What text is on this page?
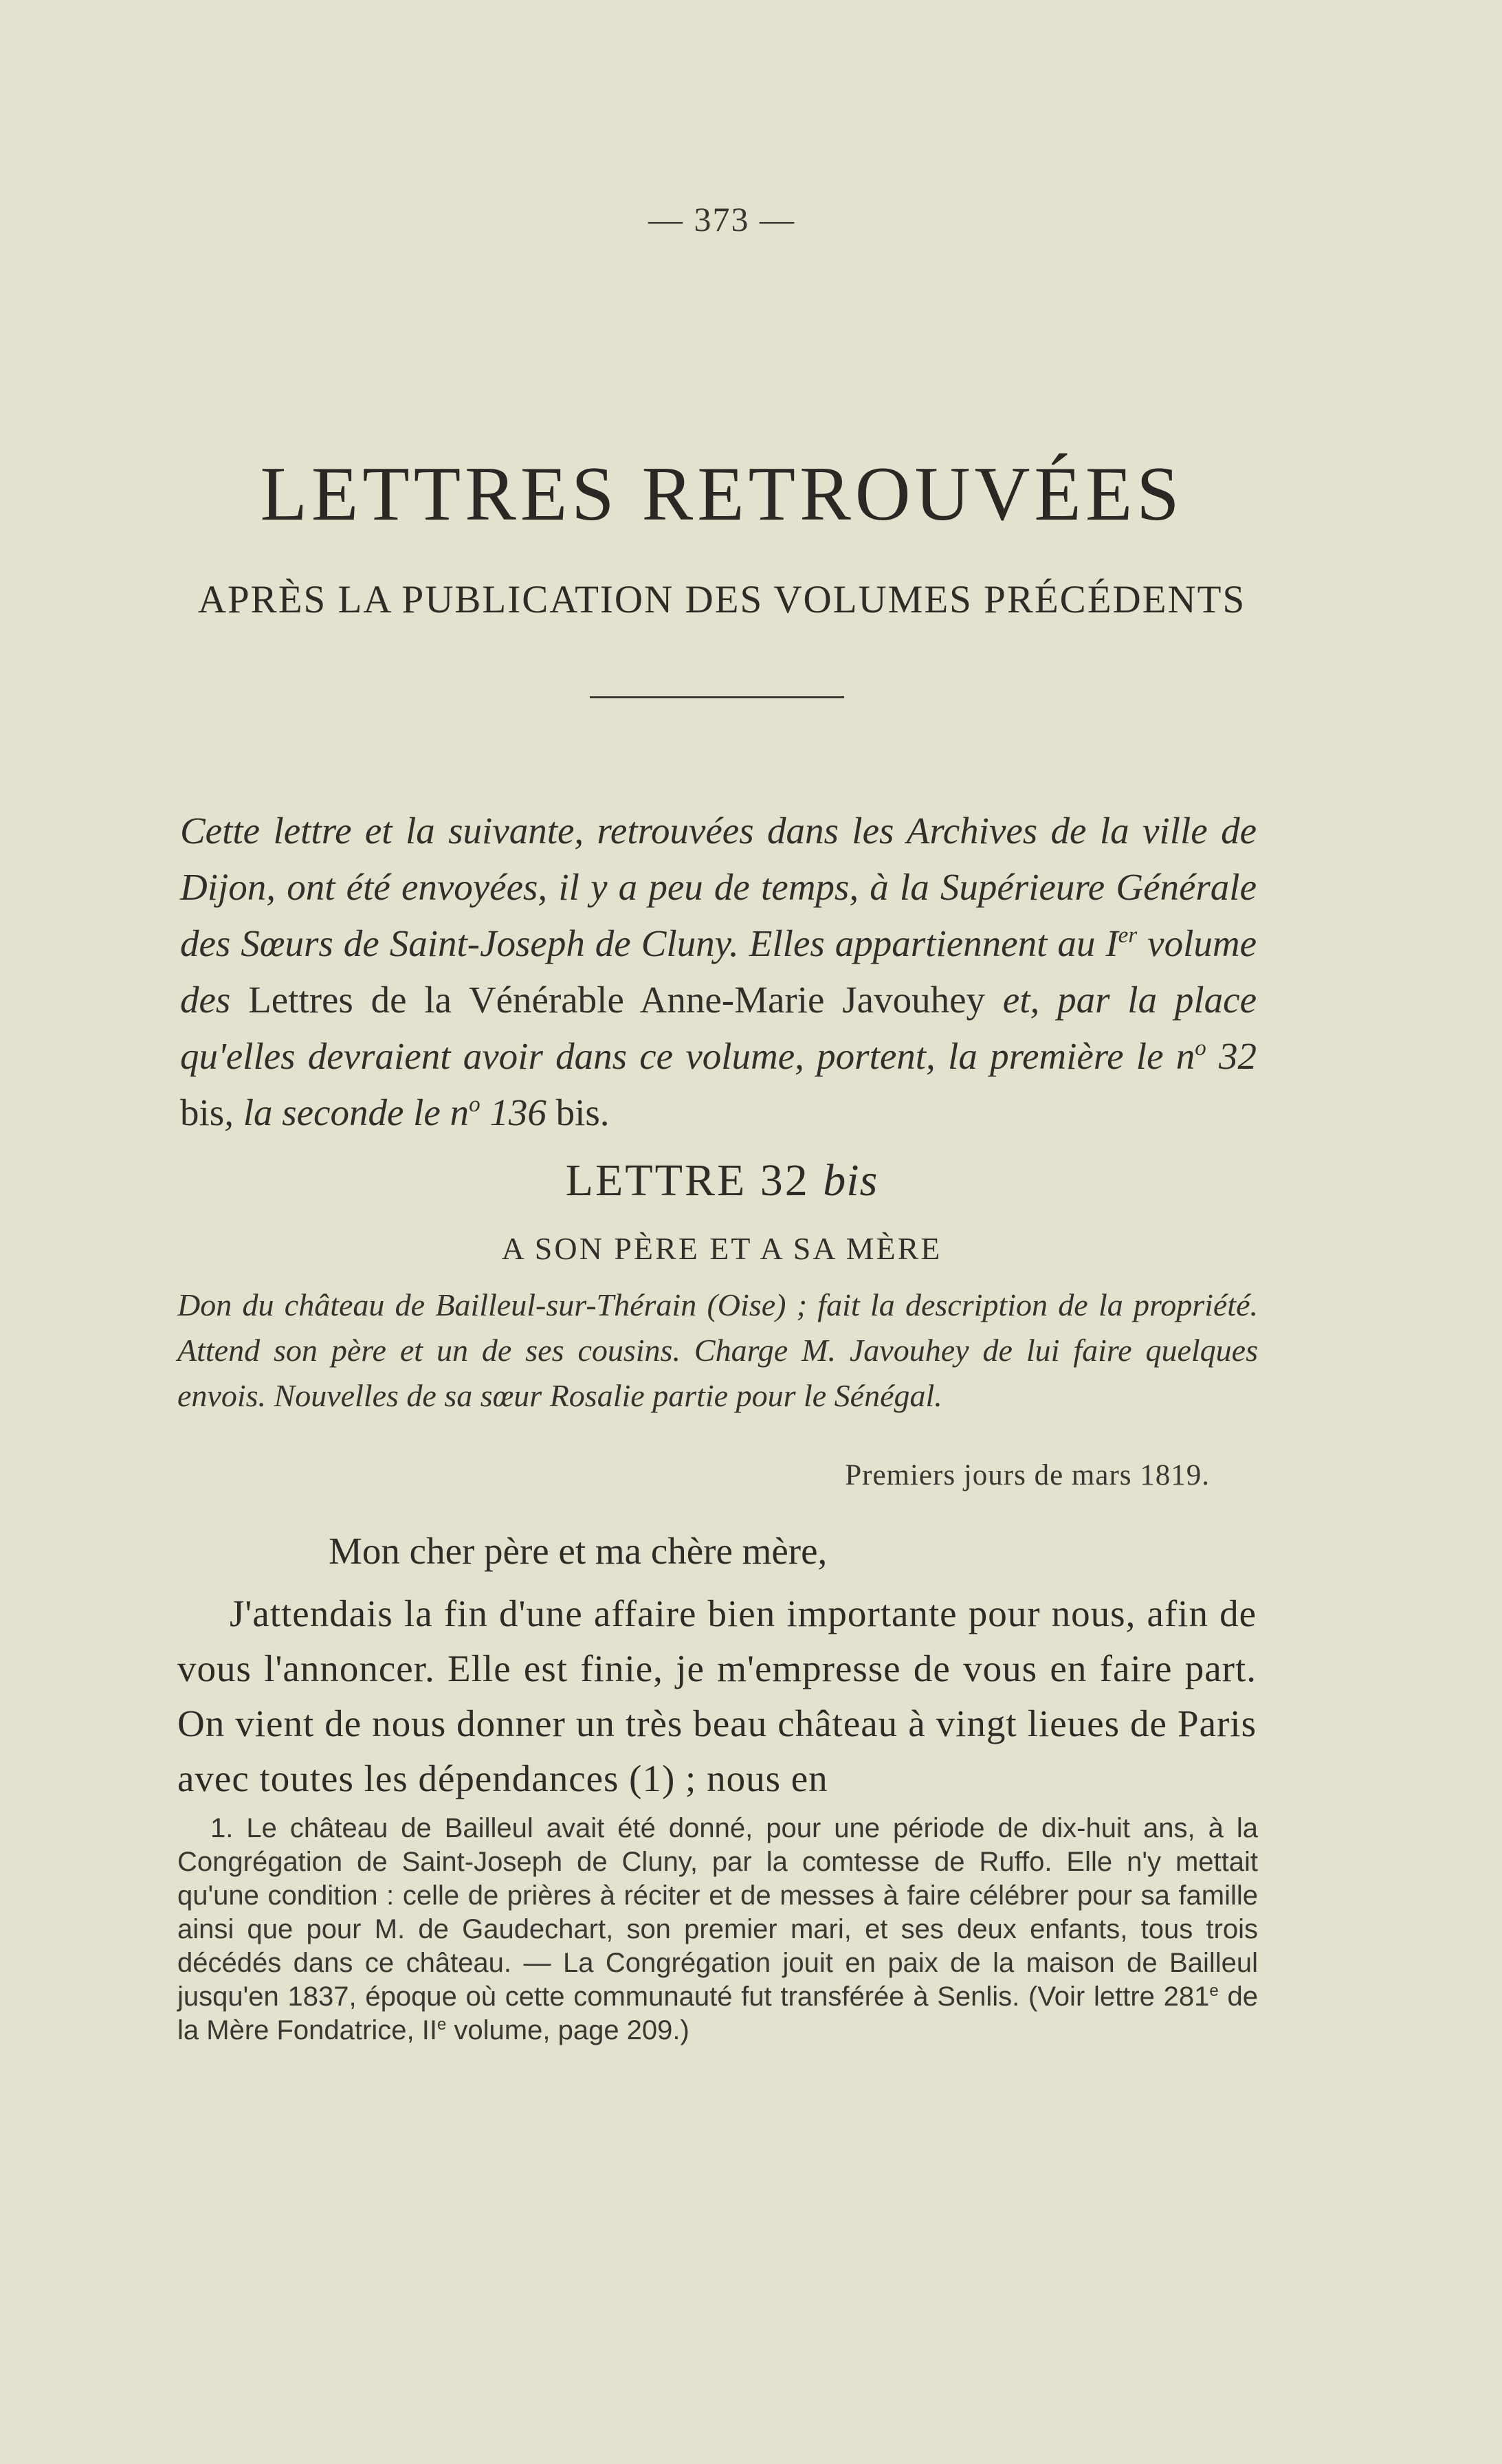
— 373 —
LETTRES RETROUVÉES
APRÈS LA PUBLICATION DES VOLUMES PRÉCÉDENTS

Cette lettre et la suivante, retrouvées dans les Archives de la ville de Dijon, ont été envoyées, il y a peu de temps, à la Supérieure Générale des Sœurs de Saint-Joseph de Cluny. Elles appartiennent au Ier volume des Lettres de la Vénérable Anne-Marie Javouhey et, par la place qu'elles devraient avoir dans ce volume, portent, la première le $n^o$ 32 bis, la seconde le $n^o$ 136 bis.

LETTRE 32 bis
A SON PÈRE ET A SA MÈRE

Don du château de Bailleul-sur-Thérain (Oise) ; fait la description de la propriété. Attend son père et un de ses cousins. Charge M. Javouhey de lui faire quelques envois. Nouvelles de sa sœur Rosalie partie pour le Sénégal.

Premiers jours de mars 1819.
Mon cher père et ma chère mère,

J'attendais la fin d'une affaire bien importante pour nous, afin de vous l'annoncer. Elle est finie, je m'empresse de vous en faire part. On vient de nous donner un très beau château à vingt lieues de Paris avec toutes les dépendances (1) ; nous en

1. Le château de Bailleul avait été donné, pour une période de dix-huit ans, à la Congrégation de Saint-Joseph de Cluny, par la comtesse de Ruffo. Elle n'y mettait qu'une condition : celle de prières à réciter et de messes à faire célébrer pour sa famille ainsi que pour M. de Gaudechart, son premier mari, et ses deux enfants, tous trois décédés dans ce château. — La Congrégation jouit en paix de la maison de Bailleul jusqu'en 1837, époque où cette communauté fut transférée à Senlis. (Voir lettre 281e de la Mère Fondatrice, IIe volume, page 209.)
